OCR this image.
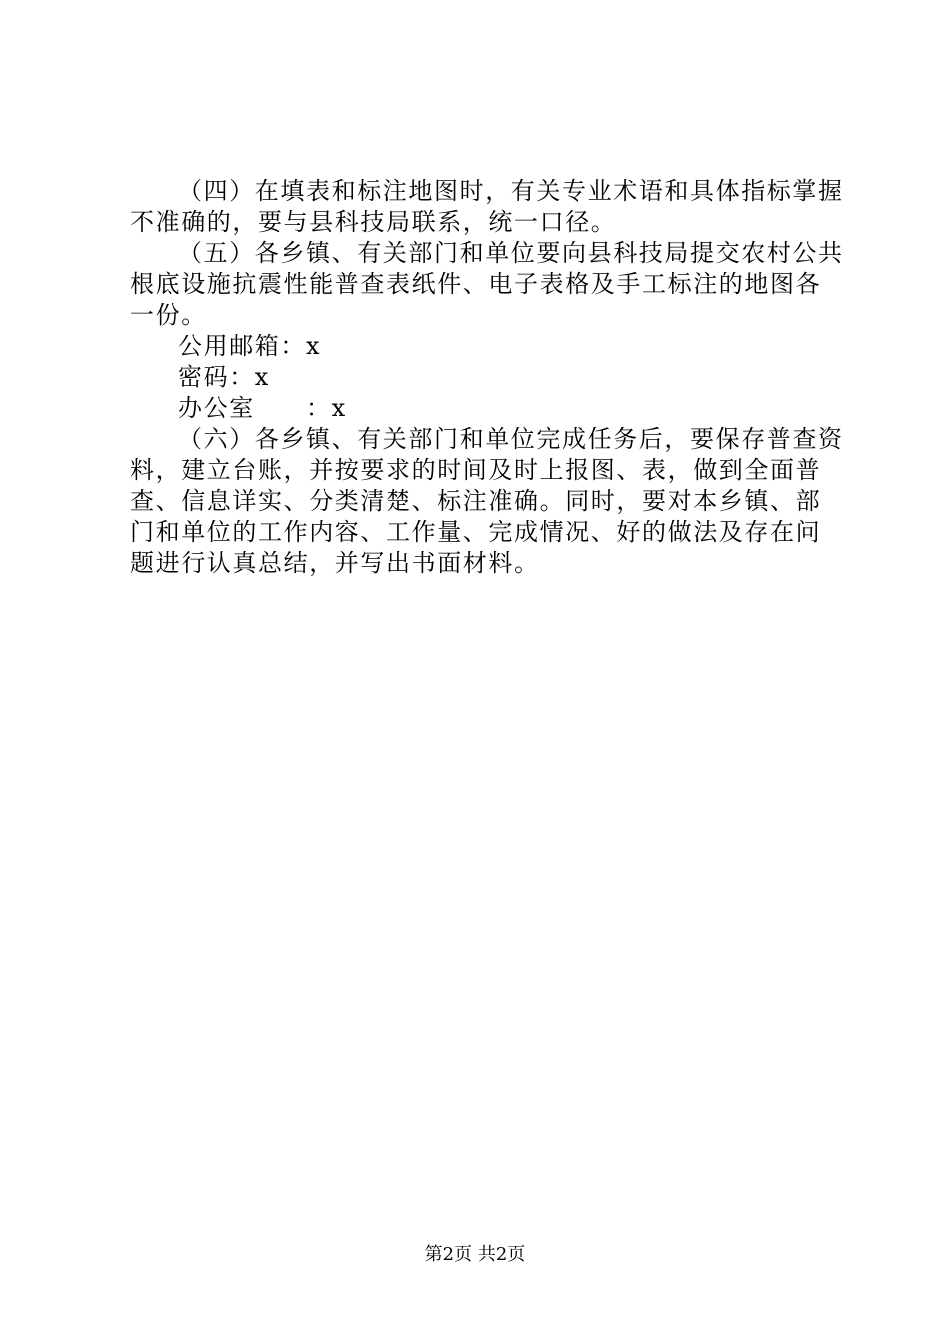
（四）在填表和标注地图时，有关专业术语和具体指标掌握
不准确的，要与县科技局联系，统一口径。
（五）各乡镇、有关部门和单位要向县科技局提交农村公共
根底设施抗震性能普查表纸件、电子表格及手工标注的地图各
一份。
公用邮箱：x
密码：x
办公室　　：x
（六）各乡镇、有关部门和单位完成任务后，要保存普查资
料，建立台账，并按要求的时间及时上报图、表，做到全面普
查、信息详实、分类清楚、标注准确。同时，要对本乡镇、部
门和单位的工作内容、工作量、完成情况、好的做法及存在问
题进行认真总结，并写出书面材料。
第2页 共2页
